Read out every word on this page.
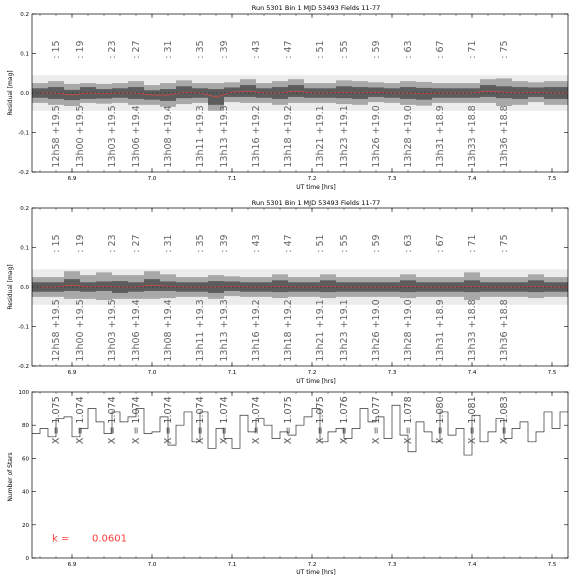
Run 5301 Bin 1 MJD 53493 Fields 11-77
6.9	7.0	7.1	7.2	7.3	7.4	7.5
-0.2
-0.1
0.0
0.1
0.2
: 15 : 19 : 23 : 27 : 31 : 35 : 39 : 43 : 47 : 51 : 55 : 59 : 63 : 67 : 71 : 75
12h58 +19.5 13h00 +19.5 13h03 +19.5 13h06 +19.4 13h08 +19.4 13h11 +19.3 13h13 +19.3 13h16 +19.2 13h18 +19.2 13h21 +19.1 13h23 +19.1 13h26 +19.0 13h28 +19.0 13h31 +18.9 13h33 +18.8 13h36 +18.8
Residual [mag]
UT time [hrs]
Run 5301 Bin 1 MJD 53493 Fields 11-77
6.9	7.0	7.1	7.2	7.3	7.4	7.5
-0.2
-0.1
0.0
0.1
0.2
: 15 : 19 : 23 : 27 : 31 : 35 : 39 : 43 : 47 : 51 : 55 : 59 : 63 : 67 : 71 : 75
12h58 +19.5 13h00 +19.5 13h03 +19.5 13h06 +19.4 13h08 +19.4 13h11 +19.3 13h13 +19.3 13h16 +19.2 13h18 +19.2 13h21 +19.1 13h23 +19.1 13h26 +19.0 13h28 +19.0 13h31 +18.9 13h33 +18.8 13h36 +18.8
Residual [mag]
UT time [hrs]
6.9	7.0	7.1	7.2	7.3	7.4	7.5
0
20
40
60
80
100
X = 1.075 X = 1.074 X = 1.074 X = 1.074 X = 1.074 X = 1.074 X = 1.074 X = 1.074 X = 1.075 X = 1.075 X = 1.076 X = 1.077 X = 1.078 X = 1.080 X = 1.081 X = 1.083
k = 0.0601
Number of Stars
UT time [hrs]
